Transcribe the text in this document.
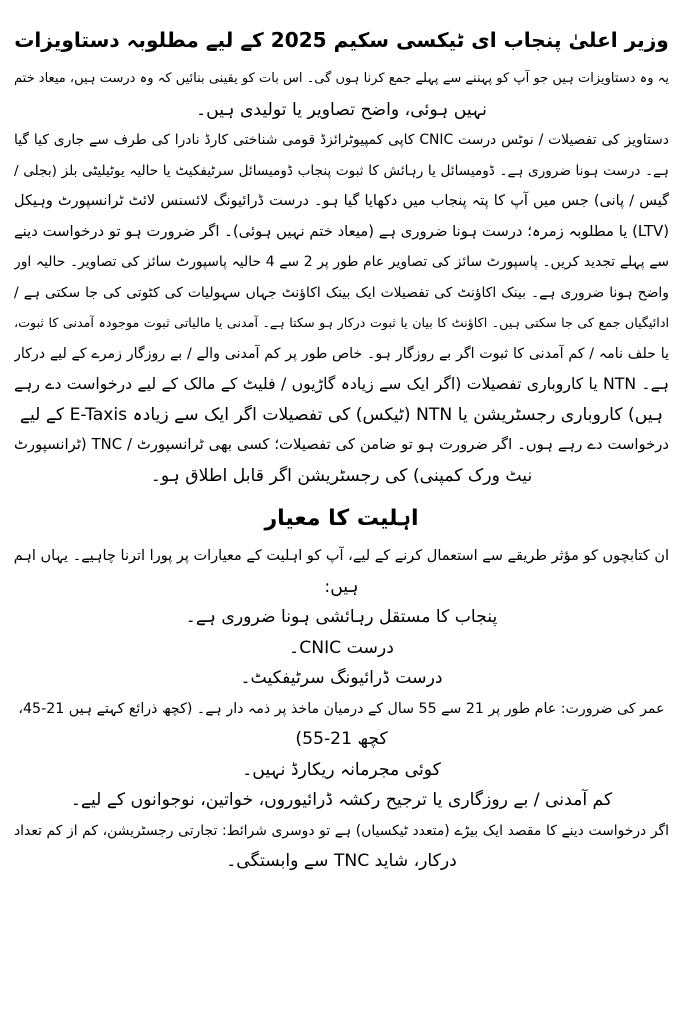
وزیر اعلیٰ پنجاب ای ٹیکسی سکیم 2025 کے لیے مطلوبہ دستاویزات
یہ وہ دستاویزات ہیں جو آپ کو پہننے سے پہلے جمع کرنا ہوں گی۔ اس بات کو یقینی بنائیں کہ وہ درست ہیں، میعاد ختم
نہیں ہوئی، واضح تصاویر یا تولیدی ہیں۔
دستاویز کی تفصیلات / نوٹس درست CNIC کاپی کمپیوٹرائزڈ قومی شناختی کارڈ نادرا کی طرف سے جاری کیا گیا
ہے۔ درست ہونا ضروری ہے۔ ڈومیسائل یا رہائش کا ثبوت پنجاب ڈومیسائل سرٹیفکیٹ یا حالیہ یوٹیلیٹی بلز (بجلی /
گیس / پانی) جس میں آپ کا پتہ پنجاب میں دکھایا گیا ہو۔ درست ڈرائیونگ لائسنس لائٹ ٹرانسپورٹ وہیکل
(LTV) یا مطلوبہ زمرہ؛ درست ہونا ضروری ہے (میعاد ختم نہیں ہوئی)۔ اگر ضرورت ہو تو درخواست دینے
سے پہلے تجدید کریں۔ پاسپورٹ سائز کی تصاویر عام طور پر 2 سے 4 حالیہ پاسپورٹ سائز کی تصاویر۔ حالیہ اور
واضح ہونا ضروری ہے۔ بینک اکاؤنٹ کی تفصیلات ایک بینک اکاؤنٹ جہاں سہولیات کی کٹوتی کی جا سکتی ہے /
ادائیگیاں جمع کی جا سکتی ہیں۔ اکاؤنٹ کا بیان یا ثبوت درکار ہو سکتا ہے۔ آمدنی یا مالیاتی ثبوت موجودہ آمدنی کا ثبوت،
یا حلف نامہ / کم آمدنی کا ثبوت اگر بے روزگار ہو۔ خاص طور پر کم آمدنی والے / بے روزگار زمرے کے لیے درکار
ہے۔ NTN یا کاروباری تفصیلات (اگر ایک سے زیادہ گاڑیوں / فلیٹ کے مالک کے لیے درخواست دے رہے
ہیں) کاروباری رجسٹریشن یا NTN (ٹیکس) کی تفصیلات اگر ایک سے زیادہ E-Taxis کے لیے
درخواست دے رہے ہوں۔ اگر ضرورت ہو تو ضامن کی تفصیلات؛ کسی بھی ٹرانسپورٹ / TNC (ٹرانسپورٹ
نیٹ ورک کمپنی) کی رجسٹریشن اگر قابل اطلاق ہو۔
اہلیت کا معیار
ان کتابچوں کو مؤثر طریقے سے استعمال کرنے کے لیے، آپ کو اہلیت کے معیارات پر پورا اترنا چاہیے۔ یہاں اہم
ہیں:
پنجاب کا مستقل رہائشی ہونا ضروری ہے۔
درست CNIC۔
درست ڈرائیونگ سرٹیفکیٹ۔
عمر کی ضرورت: عام طور پر 21 سے 55 سال کے درمیان ماخذ پر ذمہ دار ہے۔ (کچھ ذرائع کہتے ہیں 21-45،
کچھ 21-55)
کوئی مجرمانہ ریکارڈ نہیں۔
کم آمدنی / بے روزگاری یا ترجیح رکشہ ڈرائیوروں، خواتین، نوجوانوں کے لیے۔
اگر درخواست دینے کا مقصد ایک بیڑے (متعدد ٹیکسیاں) ہے تو دوسری شرائط: تجارتی رجسٹریشن، کم از کم تعداد
درکار، شاید TNC سے وابستگی۔
